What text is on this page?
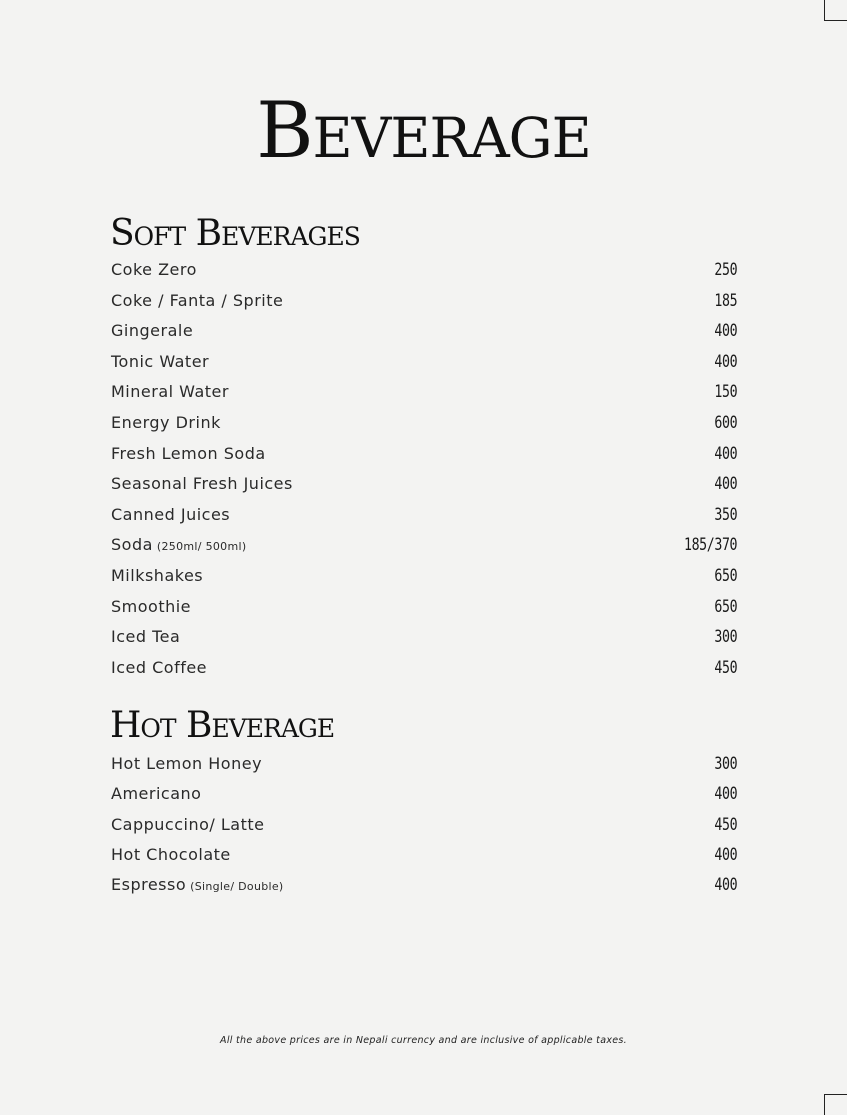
Beverage
Soft Beverages
Coke Zero	250
Coke / Fanta / Sprite	185
Gingerale	400
Tonic Water	400
Mineral Water	150
Energy Drink	600
Fresh Lemon Soda	400
Seasonal Fresh Juices	400
Canned Juices	350
Soda (250ml/ 500ml)	185/370
Milkshakes	650
Smoothie	650
Iced Tea	300
Iced Coffee	450
Hot Beverage
Hot Lemon Honey	300
Americano	400
Cappuccino/ Latte	450
Hot Chocolate	400
Espresso (Single/ Double)	400

All the above prices are in Nepali currency and are inclusive of applicable taxes.
